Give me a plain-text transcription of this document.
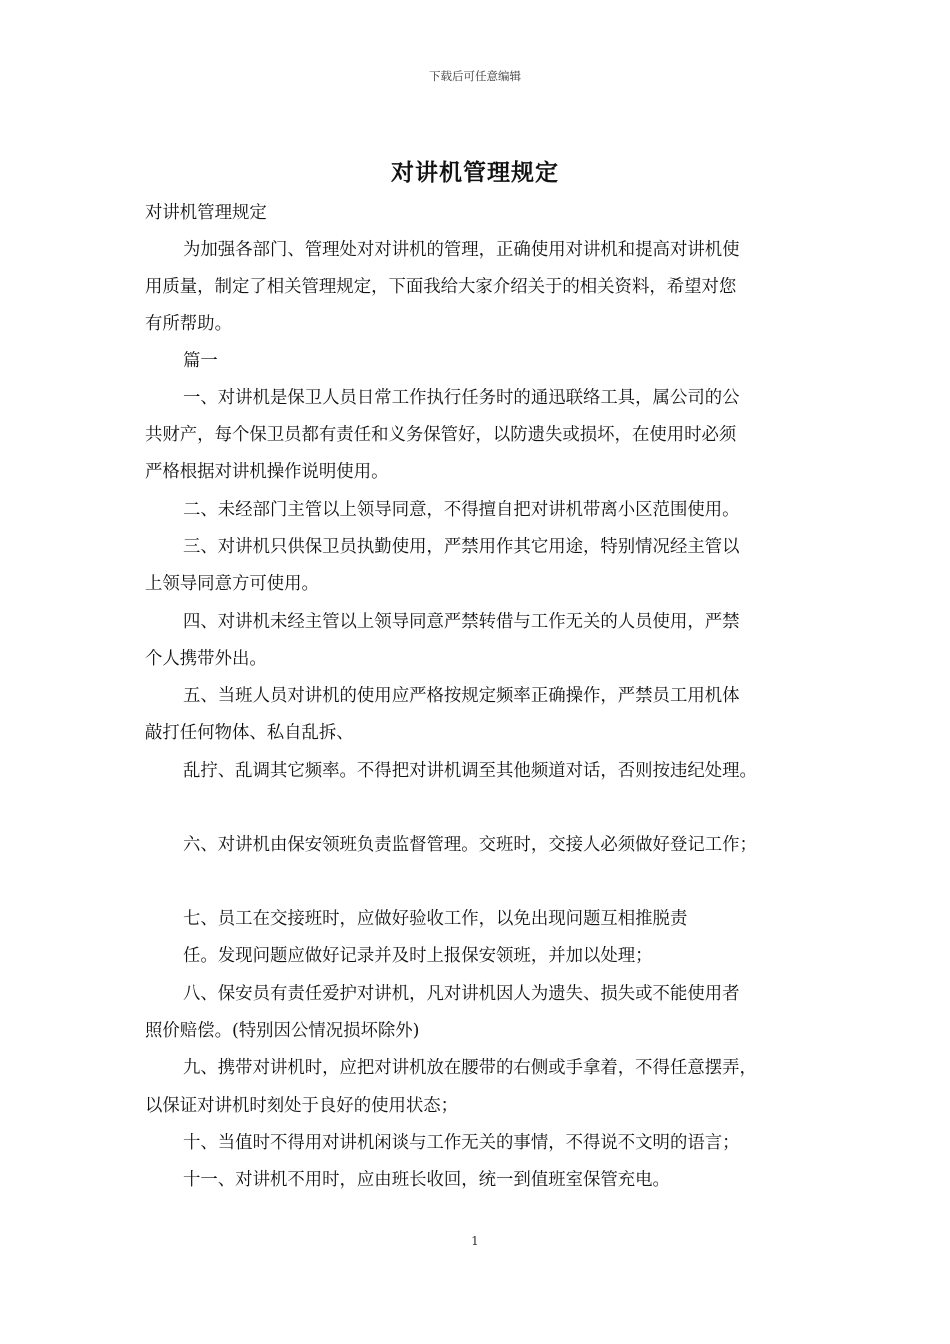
下载后可任意编辑
对讲机管理规定
对讲机管理规定
为加强各部门、管理处对对讲机的管理，正确使用对讲机和提高对讲机使
用质量，制定了相关管理规定，下面我给大家介绍关于的相关资料，希望对您
有所帮助。
篇一
一、对讲机是保卫人员日常工作执行任务时的通迅联络工具，属公司的公
共财产，每个保卫员都有责任和义务保管好，以防遗失或损坏，在使用时必须
严格根据对讲机操作说明使用。
二、未经部门主管以上领导同意，不得擅自把对讲机带离小区范围使用。
三、对讲机只供保卫员执勤使用，严禁用作其它用途，特别情况经主管以
上领导同意方可使用。
四、对讲机未经主管以上领导同意严禁转借与工作无关的人员使用，严禁
个人携带外出。
五、当班人员对讲机的使用应严格按规定频率正确操作，严禁员工用机体
敲打任何物体、私自乱拆、
乱拧、乱调其它频率。不得把对讲机调至其他频道对话，否则按违纪处理。
六、对讲机由保安领班负责监督管理。交班时，交接人必须做好登记工作；
七、员工在交接班时，应做好验收工作，以免出现问题互相推脱责
任。发现问题应做好记录并及时上报保安领班，并加以处理；
八、保安员有责任爱护对讲机，凡对讲机因人为遗失、损失或不能使用者
照价赔偿。(特别因公情况损坏除外)
九、携带对讲机时，应把对讲机放在腰带的右侧或手拿着，不得任意摆弄，
以保证对讲机时刻处于良好的使用状态；
十、当值时不得用对讲机闲谈与工作无关的事情，不得说不文明的语言；
十一、对讲机不用时，应由班长收回，统一到值班室保管充电。
1
